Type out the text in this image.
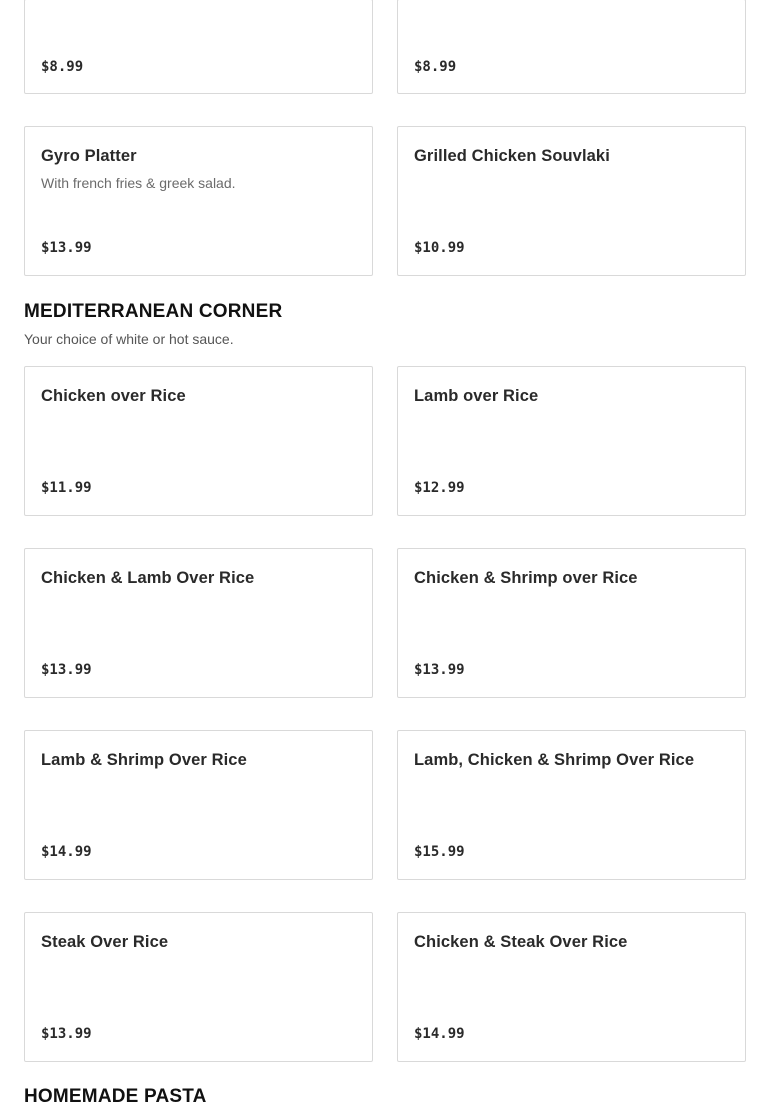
$8.99	$8.99
Gyro Platter
With french fries & greek salad.
$13.99
Grilled Chicken Souvlaki
$10.99
MEDITERRANEAN CORNER
Your choice of white or hot sauce.
Chicken over Rice
$11.99
Lamb over Rice
$12.99
Chicken & Lamb Over Rice
$13.99
Chicken & Shrimp over Rice
$13.99
Lamb & Shrimp Over Rice
$14.99
Lamb, Chicken & Shrimp Over Rice
$15.99
Steak Over Rice
$13.99
Chicken & Steak Over Rice
$14.99
HOMEMADE PASTA
